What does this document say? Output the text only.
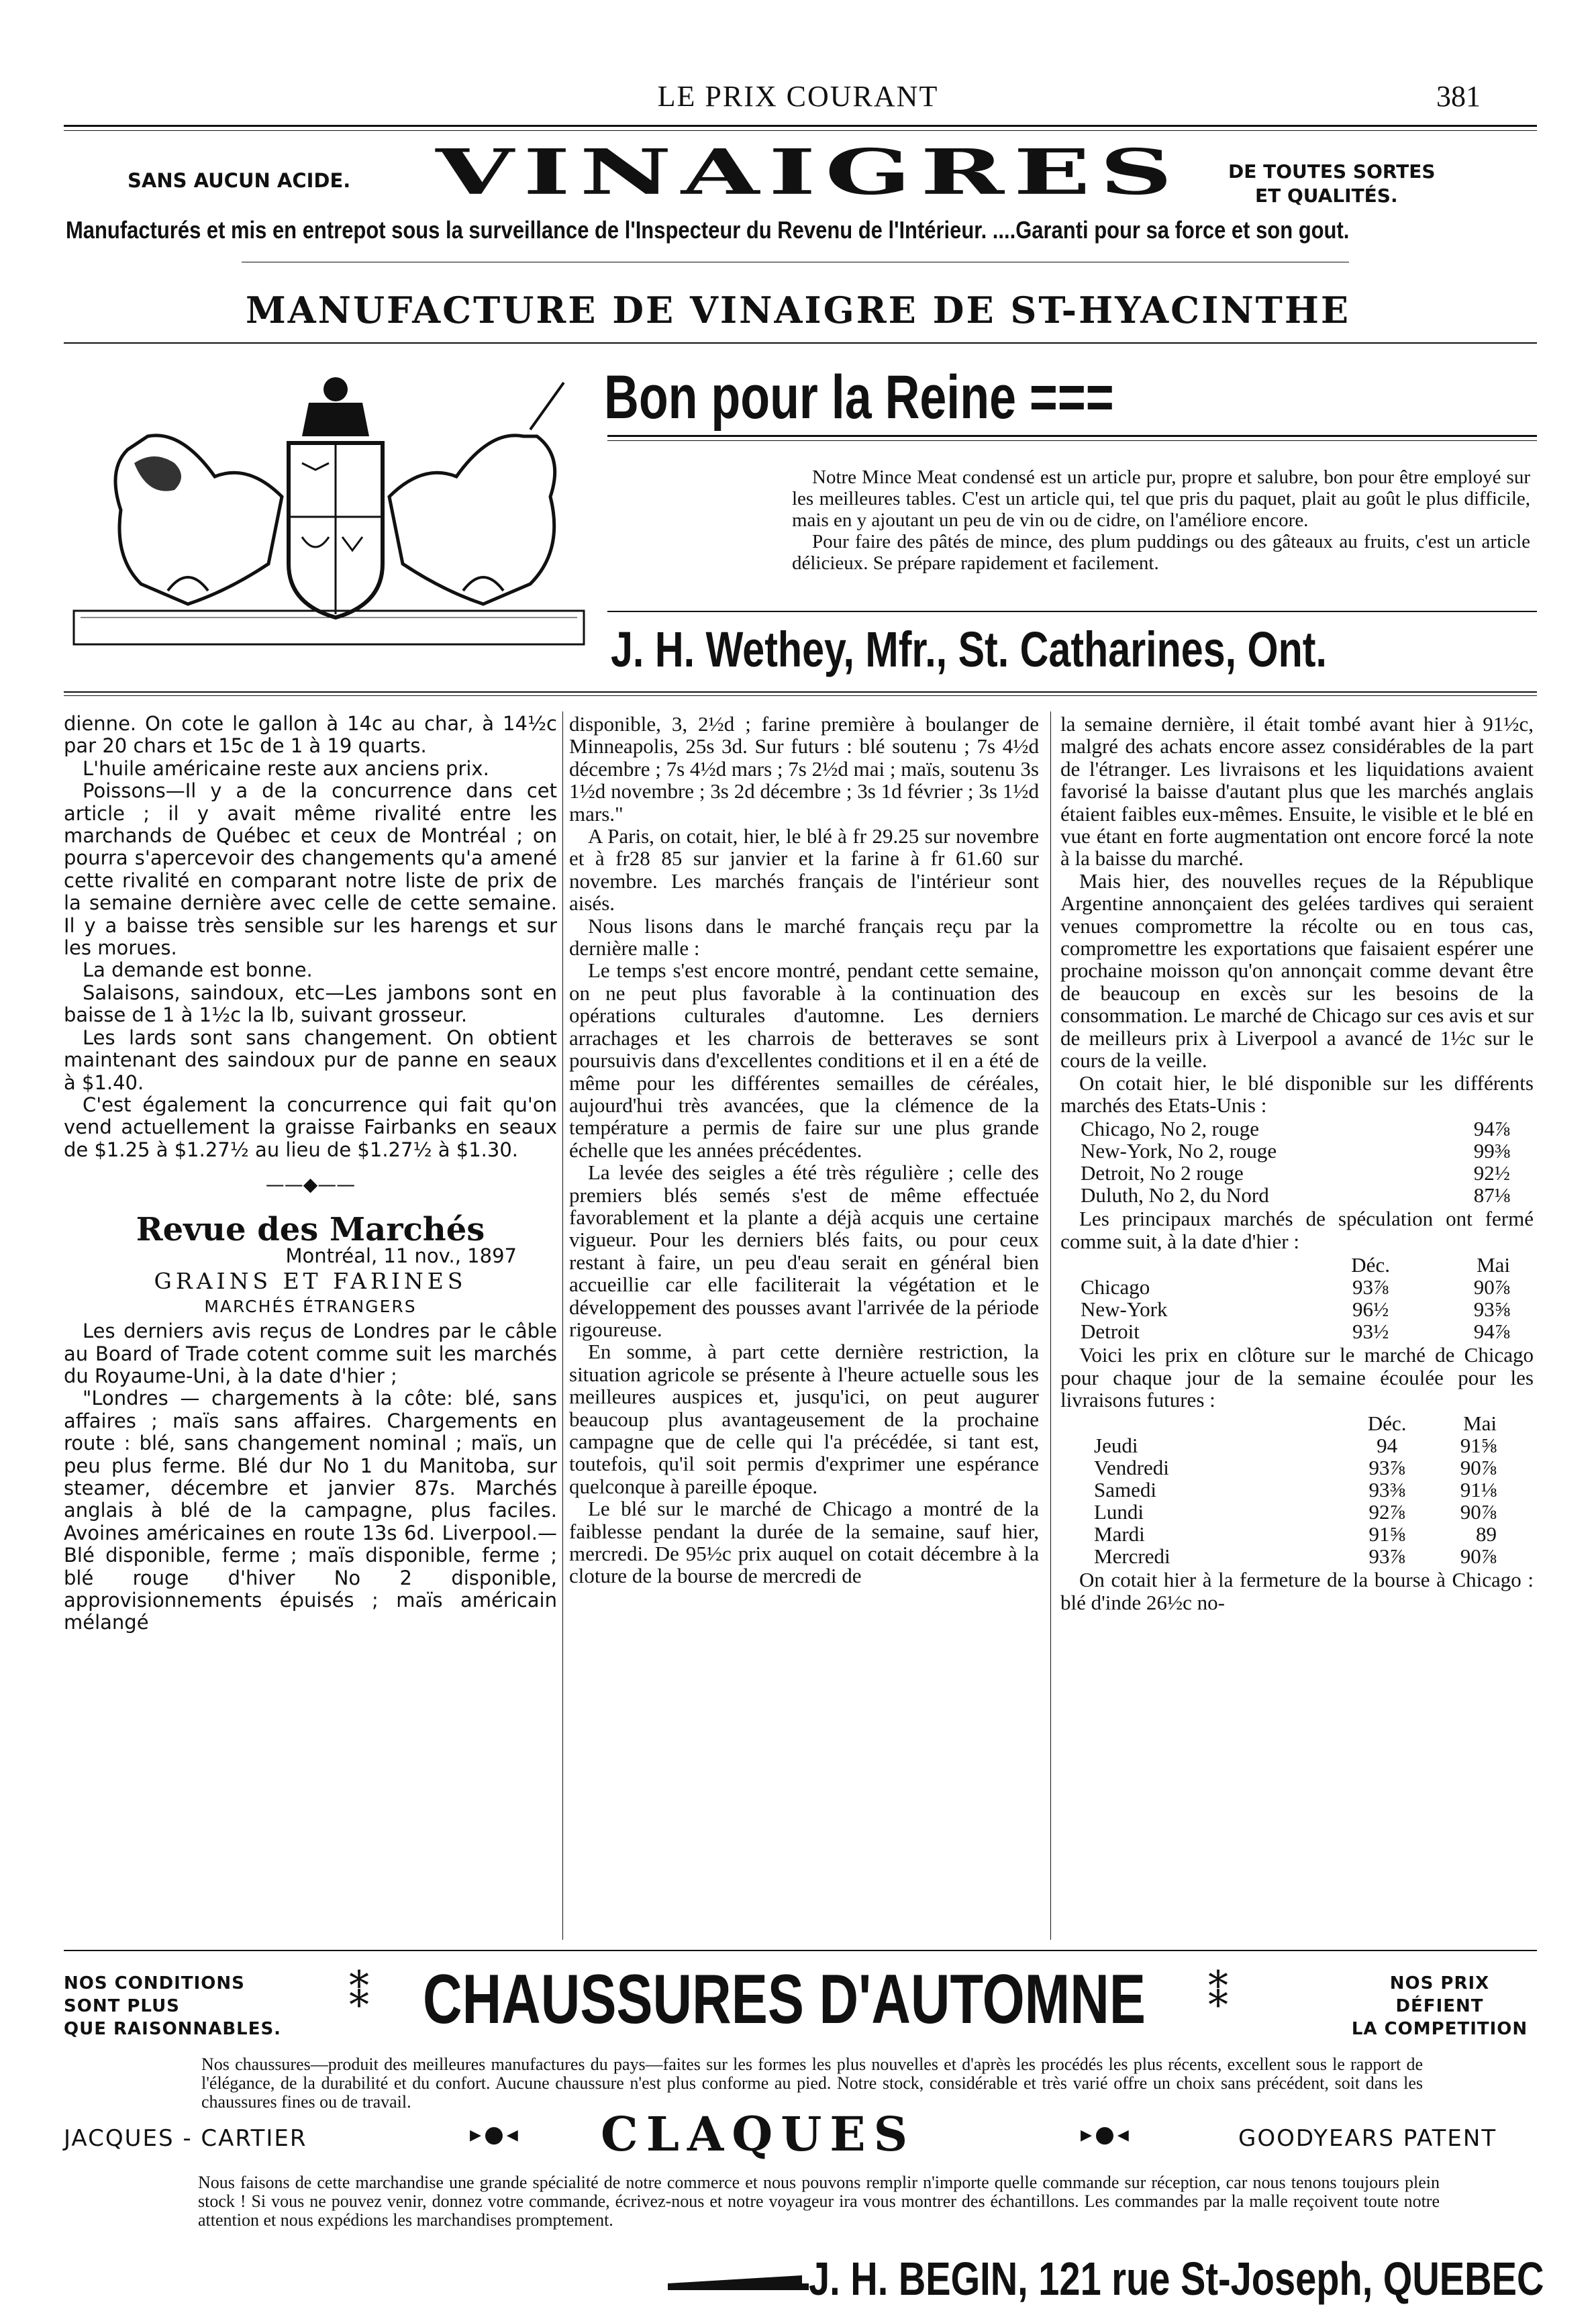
LE PRIX COURANT	381
SANS AUCUN ACIDE. VINAIGRES	DE TOUTES SORTES
ET QUALITÉS.
Manufacturés et mis en entrepot sous la surveillance de l'Inspecteur du Revenu de l'Intérieur. ....Garanti pour sa force et son gout.
MANUFACTURE DE VINAIGRE DE ST-HYACINTHE
Bon pour la Reine ===

Notre Mince Meat condensé est un article pur, propre et salubre, bon pour être employé sur les meilleures tables. C'est un article qui, tel que pris du paquet, plait au goût le plus difficile, mais en y ajoutant un peu de vin ou de cidre, on l'améliore encore.

Pour faire des pâtés de mince, des plum puddings ou des gâteaux au fruits, c'est un article délicieux. Se prépare rapidement et facilement.

J. H. Wethey, Mfr., St. Catharines, Ont.

dienne. On cote le gallon à 14c au char, à 14½c par 20 chars et 15c de 1 à 19 quarts.

L'huile américaine reste aux anciens prix.

Poissons—Il y a de la concurrence dans cet article ; il y avait même rivalité entre les marchands de Québec et ceux de Montréal ; on pourra s'apercevoir des changements qu'a amené cette rivalité en comparant notre liste de prix de la semaine dernière avec celle de cette semaine. Il y a baisse très sensible sur les harengs et sur les morues.

La demande est bonne.

Salaisons, saindoux, etc—Les jambons sont en baisse de 1 à 1½c la lb, suivant grosseur.

Les lards sont sans changement. On obtient maintenant des saindoux pur de panne en seaux à $1.40.

C'est également la concurrence qui fait qu'on vend actuellement la graisse Fairbanks en seaux de $1.25 à $1.27½ au lieu de $1.27½ à $1.30.

——◆——
Revue des Marchés
Montréal, 11 nov., 1897
GRAINS ET FARINES
MARCHÉS ÉTRANGERS

Les derniers avis reçus de Londres par le câble au Board of Trade cotent comme suit les marchés du Royaume-Uni, à la date d'hier ;

"Londres — chargements à la côte: blé, sans affaires ; maïs sans affaires. Chargements en route : blé, sans changement nominal ; maïs, un peu plus ferme. Blé dur No 1 du Manitoba, sur steamer, décembre et janvier 87s. Marchés anglais à blé de la campagne, plus faciles. Avoines américaines en route 13s 6d. Liverpool.—Blé disponible, ferme ; maïs disponible, ferme ; blé rouge d'hiver No 2 disponible, approvisionnements épuisés ; maïs américain mélangé

disponible, 3, 2½d ; farine première à boulanger de Minneapolis, 25s 3d. Sur futurs : blé soutenu ; 7s 4½d décembre ; 7s 4½d mars ; 7s 2½d mai ; maïs, soutenu 3s 1½d novembre ; 3s 2d décembre ; 3s 1d février ; 3s 1½d mars."

A Paris, on cotait, hier, le blé à fr 29.25 sur novembre et à fr28 85 sur janvier et la farine à fr 61.60 sur novembre. Les marchés français de l'intérieur sont aisés.

Nous lisons dans le marché français reçu par la dernière malle :

Le temps s'est encore montré, pendant cette semaine, on ne peut plus favorable à la continuation des opérations culturales d'automne. Les derniers arrachages et les charrois de betteraves se sont poursuivis dans d'excellentes conditions et il en a été de même pour les différentes semailles de céréales, aujourd'hui très avancées, que la clémence de la température a permis de faire sur une plus grande échelle que les années précédentes.

La levée des seigles a été très régulière ; celle des premiers blés semés s'est de même effectuée favorablement et la plante a déjà acquis une certaine vigueur. Pour les derniers blés faits, ou pour ceux restant à faire, un peu d'eau serait en général bien accueillie car elle faciliterait la végétation et le développement des pousses avant l'arrivée de la période rigoureuse.

En somme, à part cette dernière restriction, la situation agricole se présente à l'heure actuelle sous les meilleures auspices et, jusqu'ici, on peut augurer beaucoup plus avantageusement de la prochaine campagne que de celle qui l'a précédée, si tant est, toutefois, qu'il soit permis d'exprimer une espérance quelconque à pareille époque.

Le blé sur le marché de Chicago a montré de la faiblesse pendant la durée de la semaine, sauf hier, mercredi. De 95½c prix auquel on cotait décembre à la cloture de la bourse de mercredi de

la semaine dernière, il était tombé avant hier à 91½c, malgré des achats encore assez considérables de la part de l'étranger. Les livraisons et les liquidations avaient favorisé la baisse d'autant plus que les marchés anglais étaient faibles eux-mêmes. Ensuite, le visible et le blé en vue étant en forte augmentation ont encore forcé la note à la baisse du marché.

Mais hier, des nouvelles reçues de la République Argentine annonçaient des gelées tardives qui seraient venues compromettre la récolte ou en tous cas, compromettre les exportations que faisaient espérer une prochaine moisson qu'on annonçait comme devant être de beaucoup en excès sur les besoins de la consommation. Le marché de Chicago sur ces avis et sur de meilleurs prix à Liverpool a avancé de 1½c sur le cours de la veille.

On cotait hier, le blé disponible sur les différents marchés des Etats-Unis :

Chicago, No 2, rouge	94⅞
New-York, No 2, rouge	99⅜
Detroit, No 2 rouge	92½
Duluth, No 2, du Nord	87⅛

Les principaux marchés de spéculation ont fermé comme suit, à la date d'hier :

	Déc.	Mai
Chicago	93⅞	90⅞
New-York	96½	93⅝
Detroit	93½	94⅞

Voici les prix en clôture sur le marché de Chicago pour chaque jour de la semaine écoulée pour les livraisons futures :

	Déc.	Mai
Jeudi	94	91⅝
Vendredi	93⅞	90⅞
Samedi	93⅜	91⅛
Lundi	92⅞	90⅞
Mardi	91⅝	89
Mercredi	93⅞	90⅞

On cotait hier à la fermeture de la bourse à Chicago : blé d'inde 26½c no-

NOS CONDITIONS
SONT PLUS
QUE RAISONNABLES.
⁑ CHAUSSURES D'AUTOMNE ⁑	NOS PRIX
DÉFIENT
LA COMPETITION
Nos chaussures—produit des meilleures manufactures du pays—faites sur les formes les plus nouvelles et d'après les procédés les plus récents, excellent sous le rapport de l'élégance, de la durabilité et du confort. Aucune chaussure n'est plus conforme au pied. Notre stock, considérable et très varié offre un choix sans précédent, soit dans les chaussures fines ou de travail.
JACQUES - CARTIER	▸●◂ CLAQUES	▸●◂	GOODYEARS PATENT
Nous faisons de cette marchandise une grande spécialité de notre commerce et nous pouvons remplir n'importe quelle commande sur réception, car nous tenons toujours plein stock ! Si vous ne pouvez venir, donnez votre commande, écrivez-nous et notre voyageur ira vous montrer des échantillons. Les commandes par la malle reçoivent toute notre attention et nous expédions les marchandises promptement.
J. H. BEGIN, 121 rue St-Joseph, QUEBEC
